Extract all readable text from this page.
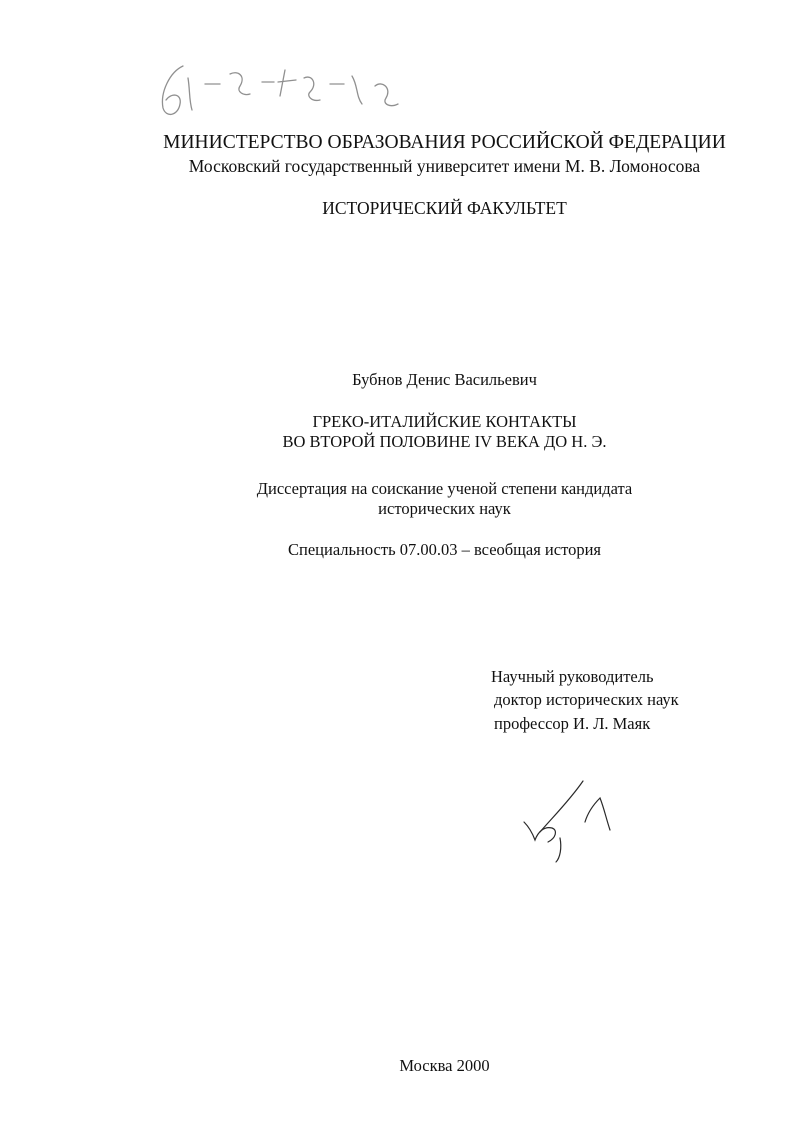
МИНИСТЕРСТВО ОБРАЗОВАНИЯ РОССИЙСКОЙ ФЕДЕРАЦИИ
Московский государственный университет имени М. В. Ломоносова
ИСТОРИЧЕСКИЙ ФАКУЛЬТЕТ
Бубнов Денис Васильевич
ГРЕКО-ИТАЛИЙСКИЕ КОНТАКТЫ
ВО ВТОРОЙ ПОЛОВИНЕ IV ВЕКА ДО Н. Э.
Диссертация на соискание ученой степени кандидата
исторических наук
Специальность 07.00.03 – всеобщая история
Научный руководитель
доктор исторических наук
профессор И. Л. Маяк
Москва 2000
